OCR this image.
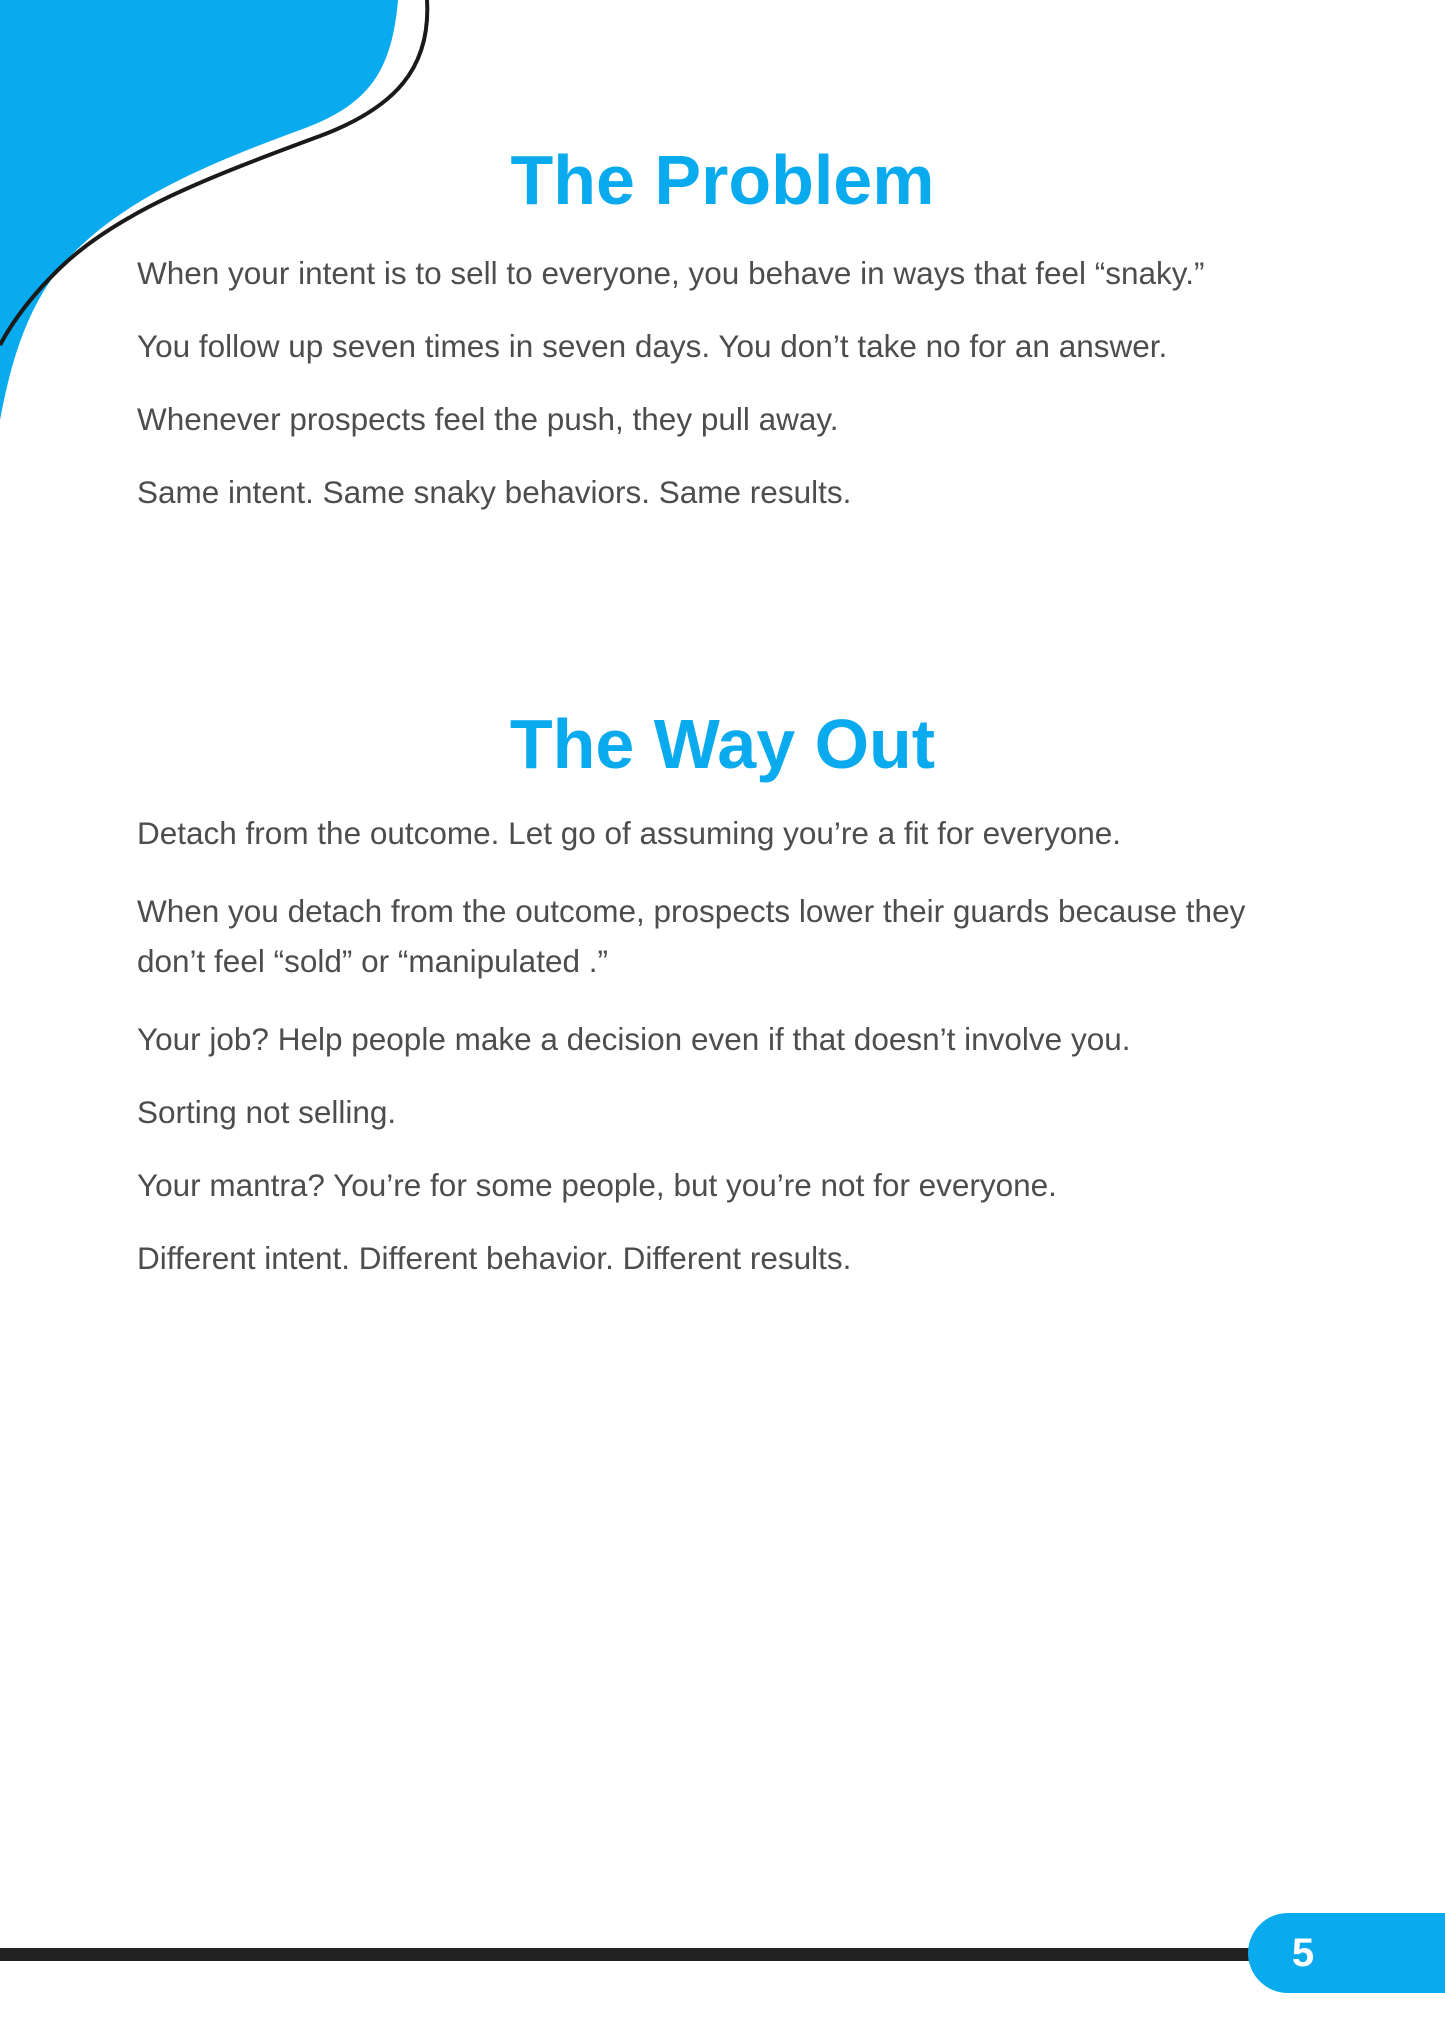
The Problem

When your intent is to sell to everyone, you behave in ways that feel “snaky.”

You follow up seven times in seven days. You don’t take no for an answer.

Whenever prospects feel the push, they pull away.

Same intent. Same snaky behaviors. Same results.

The Way Out

Detach from the outcome. Let go of assuming you’re a fit for everyone.

When you detach from the outcome, prospects lower their guards because they don’t feel “sold” or “manipulated .”

Your job? Help people make a decision even if that doesn’t involve you.

Sorting not selling.

Your mantra? You’re for some people, but you’re not for everyone.

Different intent. Different behavior. Different results.

5
